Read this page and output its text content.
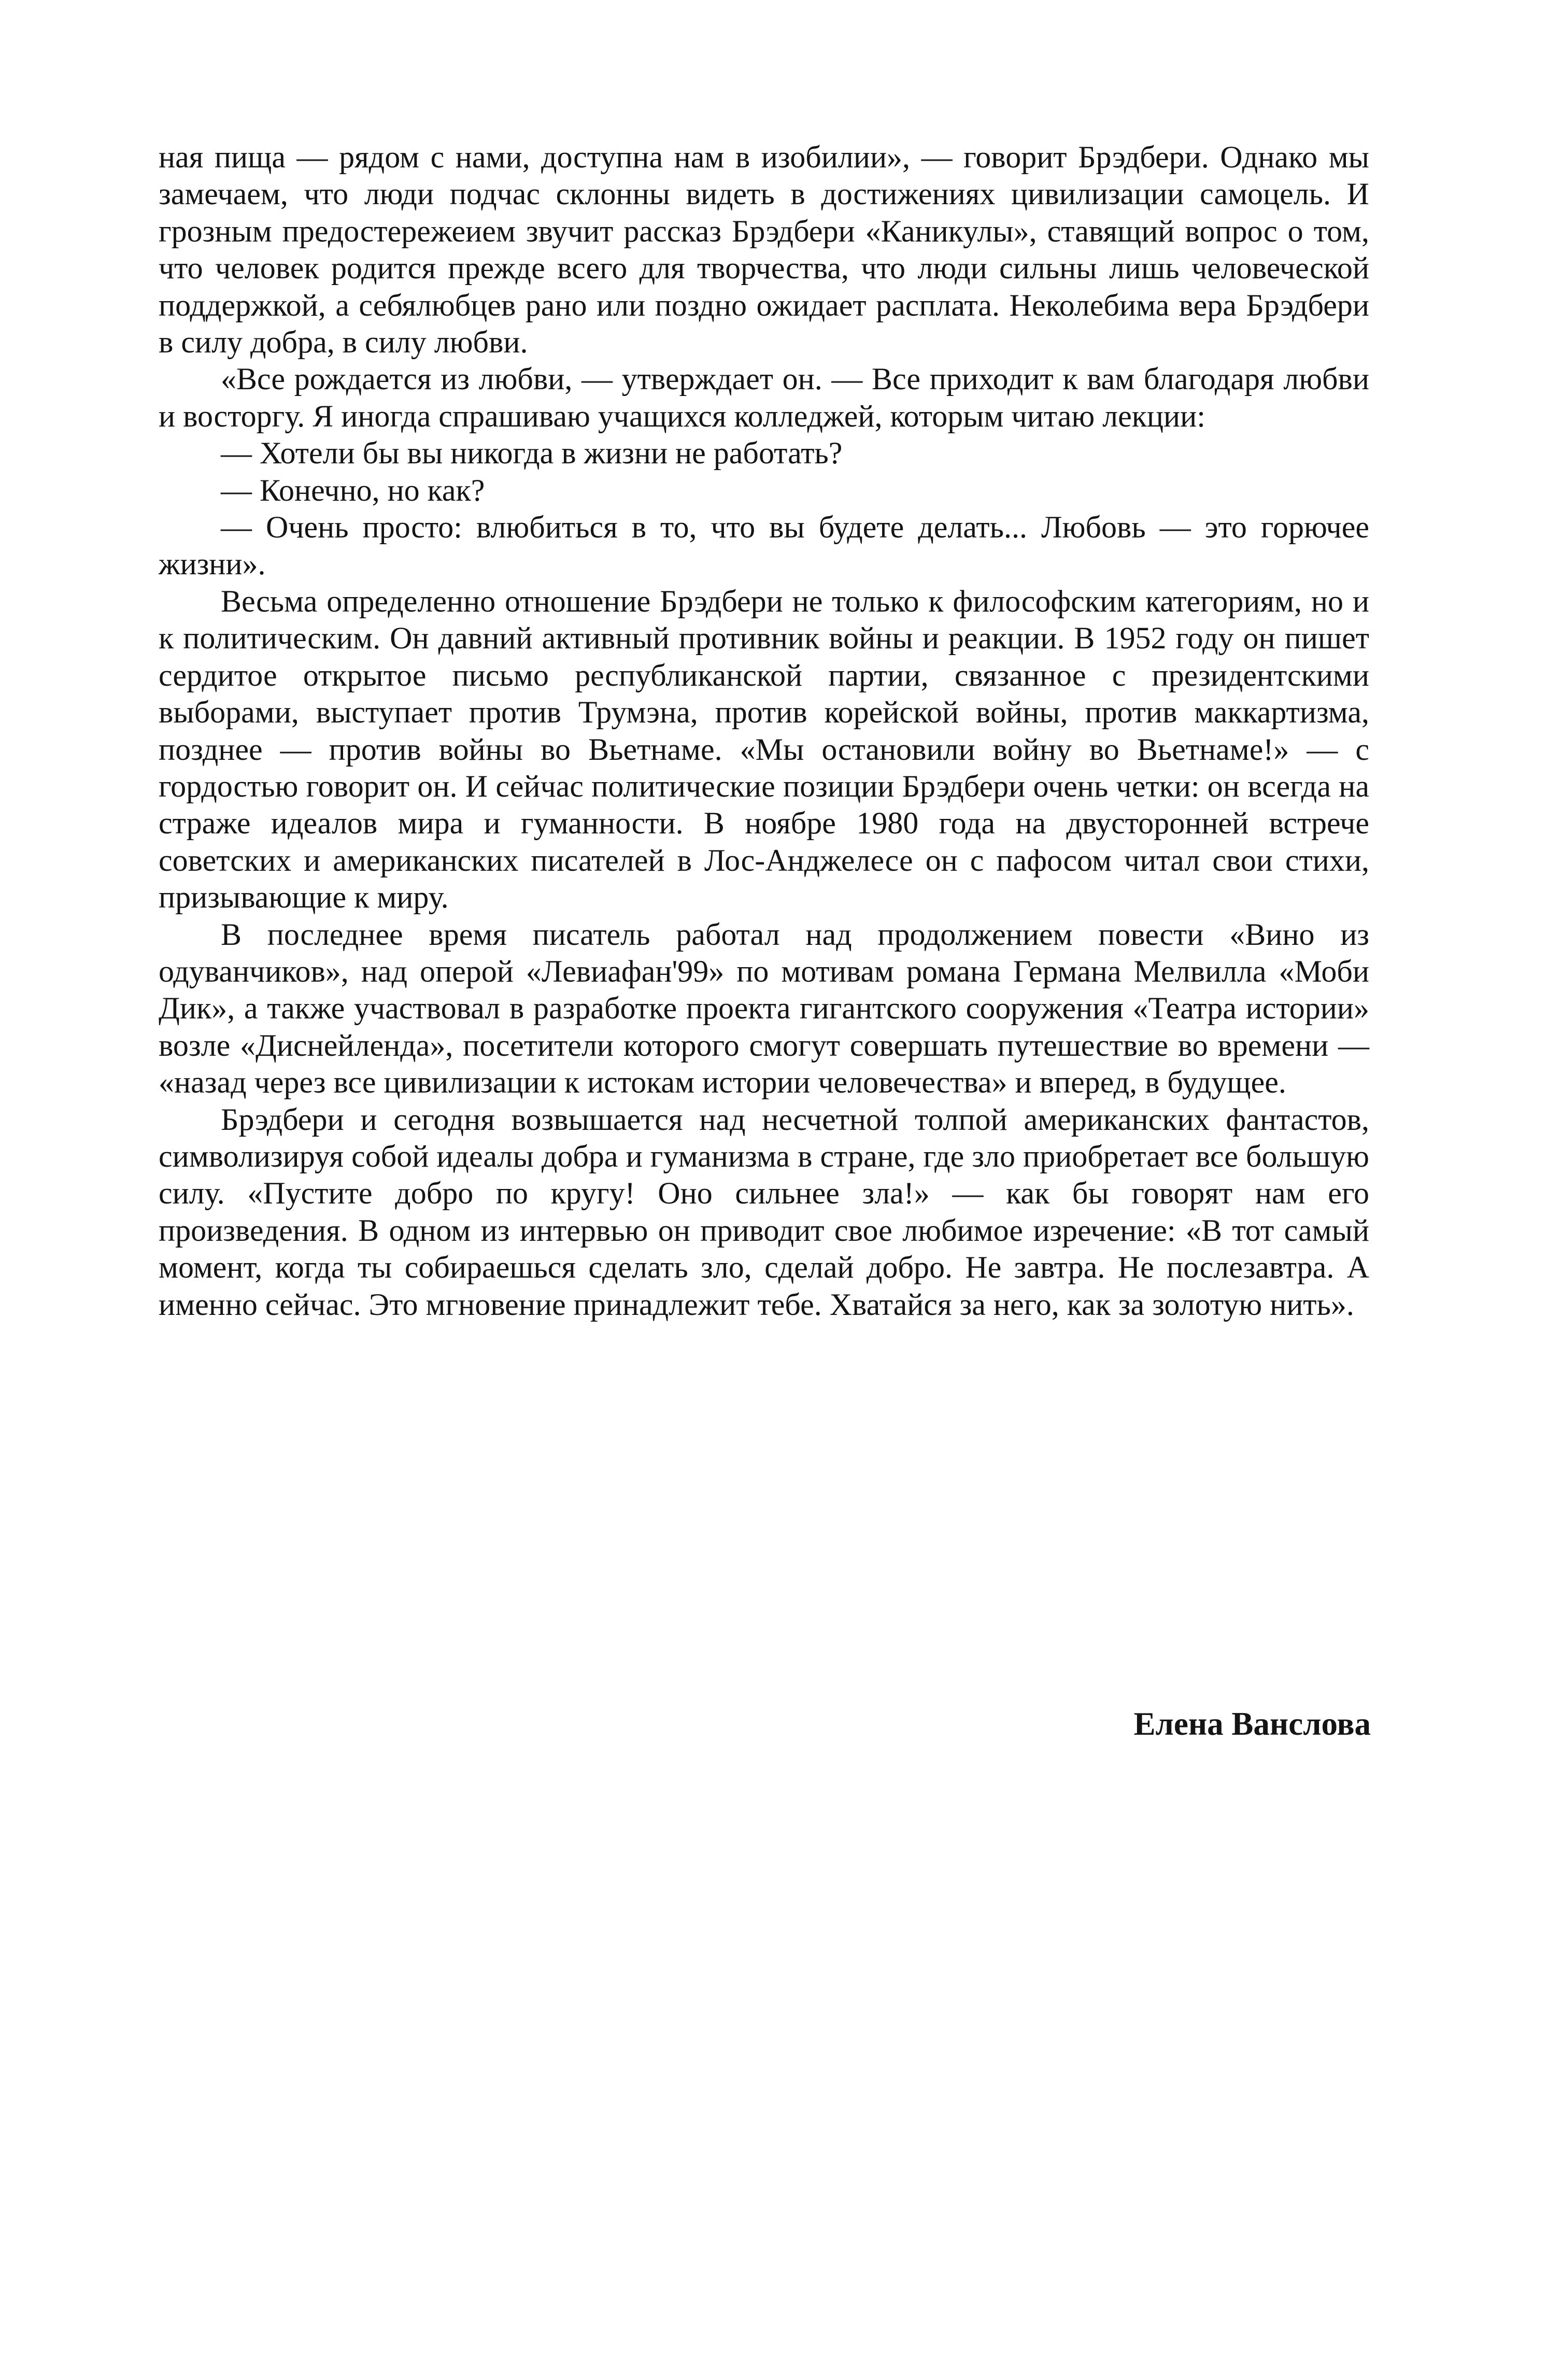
ная пища — рядом с нами, доступна нам в изобилии», — говорит Брэдбери. Однако мы замечаем, что люди подчас склонны видеть в достижениях цивилизации самоцель. И грозным предостережеием звучит рассказ Брэдбери «Каникулы», ставящий вопрос о том, что человек родится прежде всего для творчества, что люди сильны лишь человеческой поддержкой, а себялюбцев рано или поздно ожидает расплата. Неколебима вера Брэдбери в силу добра, в силу любви.

«Все рождается из любви, — утверждает он. — Все приходит к вам благодаря любви и восторгу. Я иногда спрашиваю учащихся колледжей, которым читаю лекции:

— Хотели бы вы никогда в жизни не работать?

— Конечно, но как?

— Очень просто: влюбиться в то, что вы будете делать... Любовь — это горючее жизни».

Весьма определенно отношение Брэдбери не только к философским категориям, но и к политическим. Он давний активный противник войны и реакции. В 1952 году он пишет сердитое открытое письмо республиканской партии, связанное с президентскими выборами, выступает против Трумэна, против корейской войны, против маккартизма, позднее — против войны во Вьетнаме. «Мы остановили войну во Вьетнаме!» — с гордостью говорит он. И сейчас политические позиции Брэдбери очень четки: он всегда на страже идеалов мира и гуманности. В ноябре 1980 года на двусторонней встрече советских и американских писателей в Лос-Анджелесе он с пафосом читал свои стихи, призывающие к миру.

В последнее время писатель работал над продолжением повести «Вино из одуванчиков», над оперой «Левиафан'99» по мотивам романа Германа Мелвилла «Моби Дик», а также участвовал в разработке проекта гигантского сооружения «Театра истории» возле «Диснейленда», посетители которого смогут совершать путешествие во времени — «назад через все цивилизации к истокам истории человечества» и вперед, в будущее.

Брэдбери и сегодня возвышается над несчетной толпой американских фантастов, символизируя собой идеалы добра и гуманизма в стране, где зло приобретает все большую силу. «Пустите добро по кругу! Оно сильнее зла!» — как бы говорят нам его произведения. В одном из интервью он приводит свое любимое изречение: «В тот самый момент, когда ты собираешься сделать зло, сделай добро. Не завтра. Не послезавтра. А именно сейчас. Это мгновение принадлежит тебе. Хватайся за него, как за золотую нить».

Елена Ванслова
